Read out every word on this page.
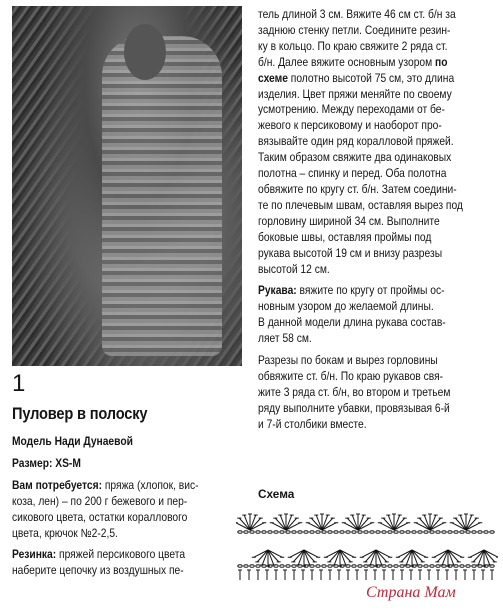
1
Пуловер в полоску
Модель Нади Дунаевой
Размер: XS-M
Вам потребуется: пряжа (хлопок, вис-
коза, лен) – по 200 г бежевого и пер-
сикового цвета, остатки кораллового
цвета, крючок №2-2,5.
Резинка: пряжей персикового цвета
наберите цепочку из воздушных пе-
тель длиной 3 см. Вяжите 46 см ст. б/н за
заднюю стенку петли. Соедините резин-
ку в кольцо. По краю свяжите 2 ряда ст.
б/н. Далее вяжите основным узором по
схеме полотно высотой 75 см, это длина
изделия. Цвет пряжи меняйте по своему
усмотрению. Между переходами от бе-
жевого к персиковому и наоборот про-
вязывайте один ряд коралловой пряжей.
Таким образом свяжите два одинаковых
полотна – спинку и перед. Оба полотна
обвяжите по кругу ст. б/н. Затем соедини-
те по плечевым швам, оставляя вырез под
горловину шириной 34 см. Выполните
боковые швы, оставляя проймы под
рукава высотой 19 см и внизу разрезы
высотой 12 см.
Рукава: вяжите по кругу от проймы ос-
новным узором до желаемой длины.
В данной модели длина рукава состав-
ляет 58 см.
Разрезы по бокам и вырез горловины
обвяжите ст. б/н. По краю рукавов свя-
жите 3 ряда ст. б/н, во втором и третьем
ряду выполните убавки, провязывая 6-й
и 7-й столбики вместе.
Схема
Страна Мам
